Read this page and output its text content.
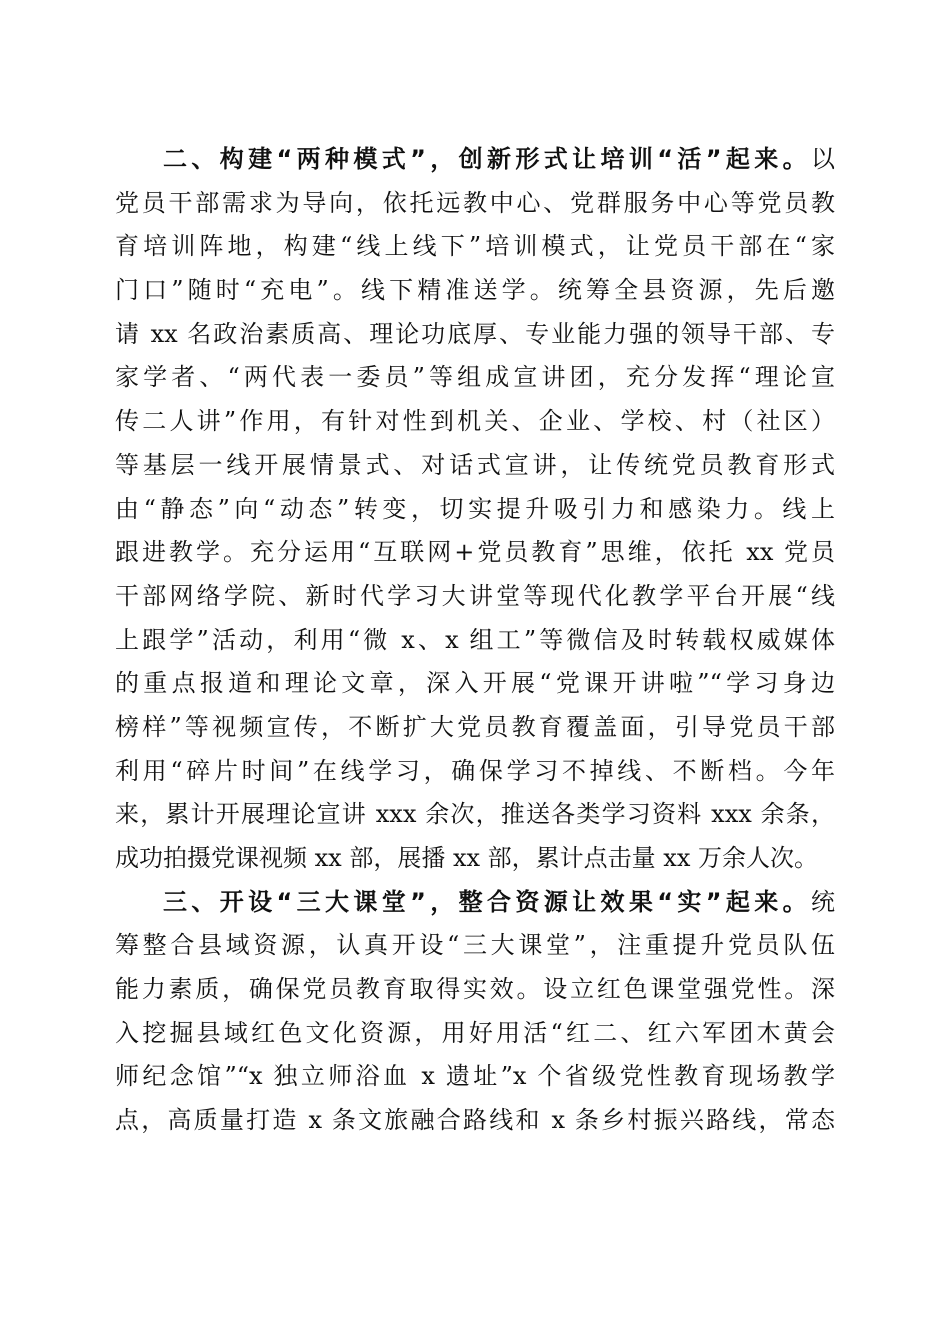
二、构建“两种模式”，创新形式让培训“活”起来。以
党员干部需求为导向，依托远教中心、党群服务中心等党员教
育培训阵地，构建“线上线下”培训模式，让党员干部在“家
门口”随时“充电”。线下精准送学。统筹全县资源，先后邀
请 xx 名政治素质高、理论功底厚、专业能力强的领导干部、专
家学者、“两代表一委员”等组成宣讲团，充分发挥“理论宣
传二人讲”作用，有针对性到机关、企业、学校、村（社区）
等基层一线开展情景式、对话式宣讲，让传统党员教育形式
由“静态”向“动态”转变，切实提升吸引力和感染力。线上
跟进教学。充分运用“互联网+党员教育”思维，依托 xx 党员
干部网络学院、新时代学习大讲堂等现代化教学平台开展“线
上跟学”活动，利用“微 x、x 组工”等微信及时转载权威媒体
的重点报道和理论文章，深入开展“党课开讲啦”“学习身边
榜样”等视频宣传，不断扩大党员教育覆盖面，引导党员干部
利用“碎片时间”在线学习，确保学习不掉线、不断档。今年
来，累计开展理论宣讲 xxx 余次，推送各类学习资料 xxx 余条，
成功拍摄党课视频 xx 部，展播 xx 部，累计点击量 xx 万余人次。
三、开设“三大课堂”，整合资源让效果“实”起来。统
筹整合县域资源，认真开设“三大课堂”，注重提升党员队伍
能力素质，确保党员教育取得实效。设立红色课堂强党性。深
入挖掘县域红色文化资源，用好用活“红二、红六军团木黄会
师纪念馆”“x 独立师浴血 x 遗址”x 个省级党性教育现场教学
点，高质量打造 x 条文旅融合路线和 x 条乡村振兴路线，常态
